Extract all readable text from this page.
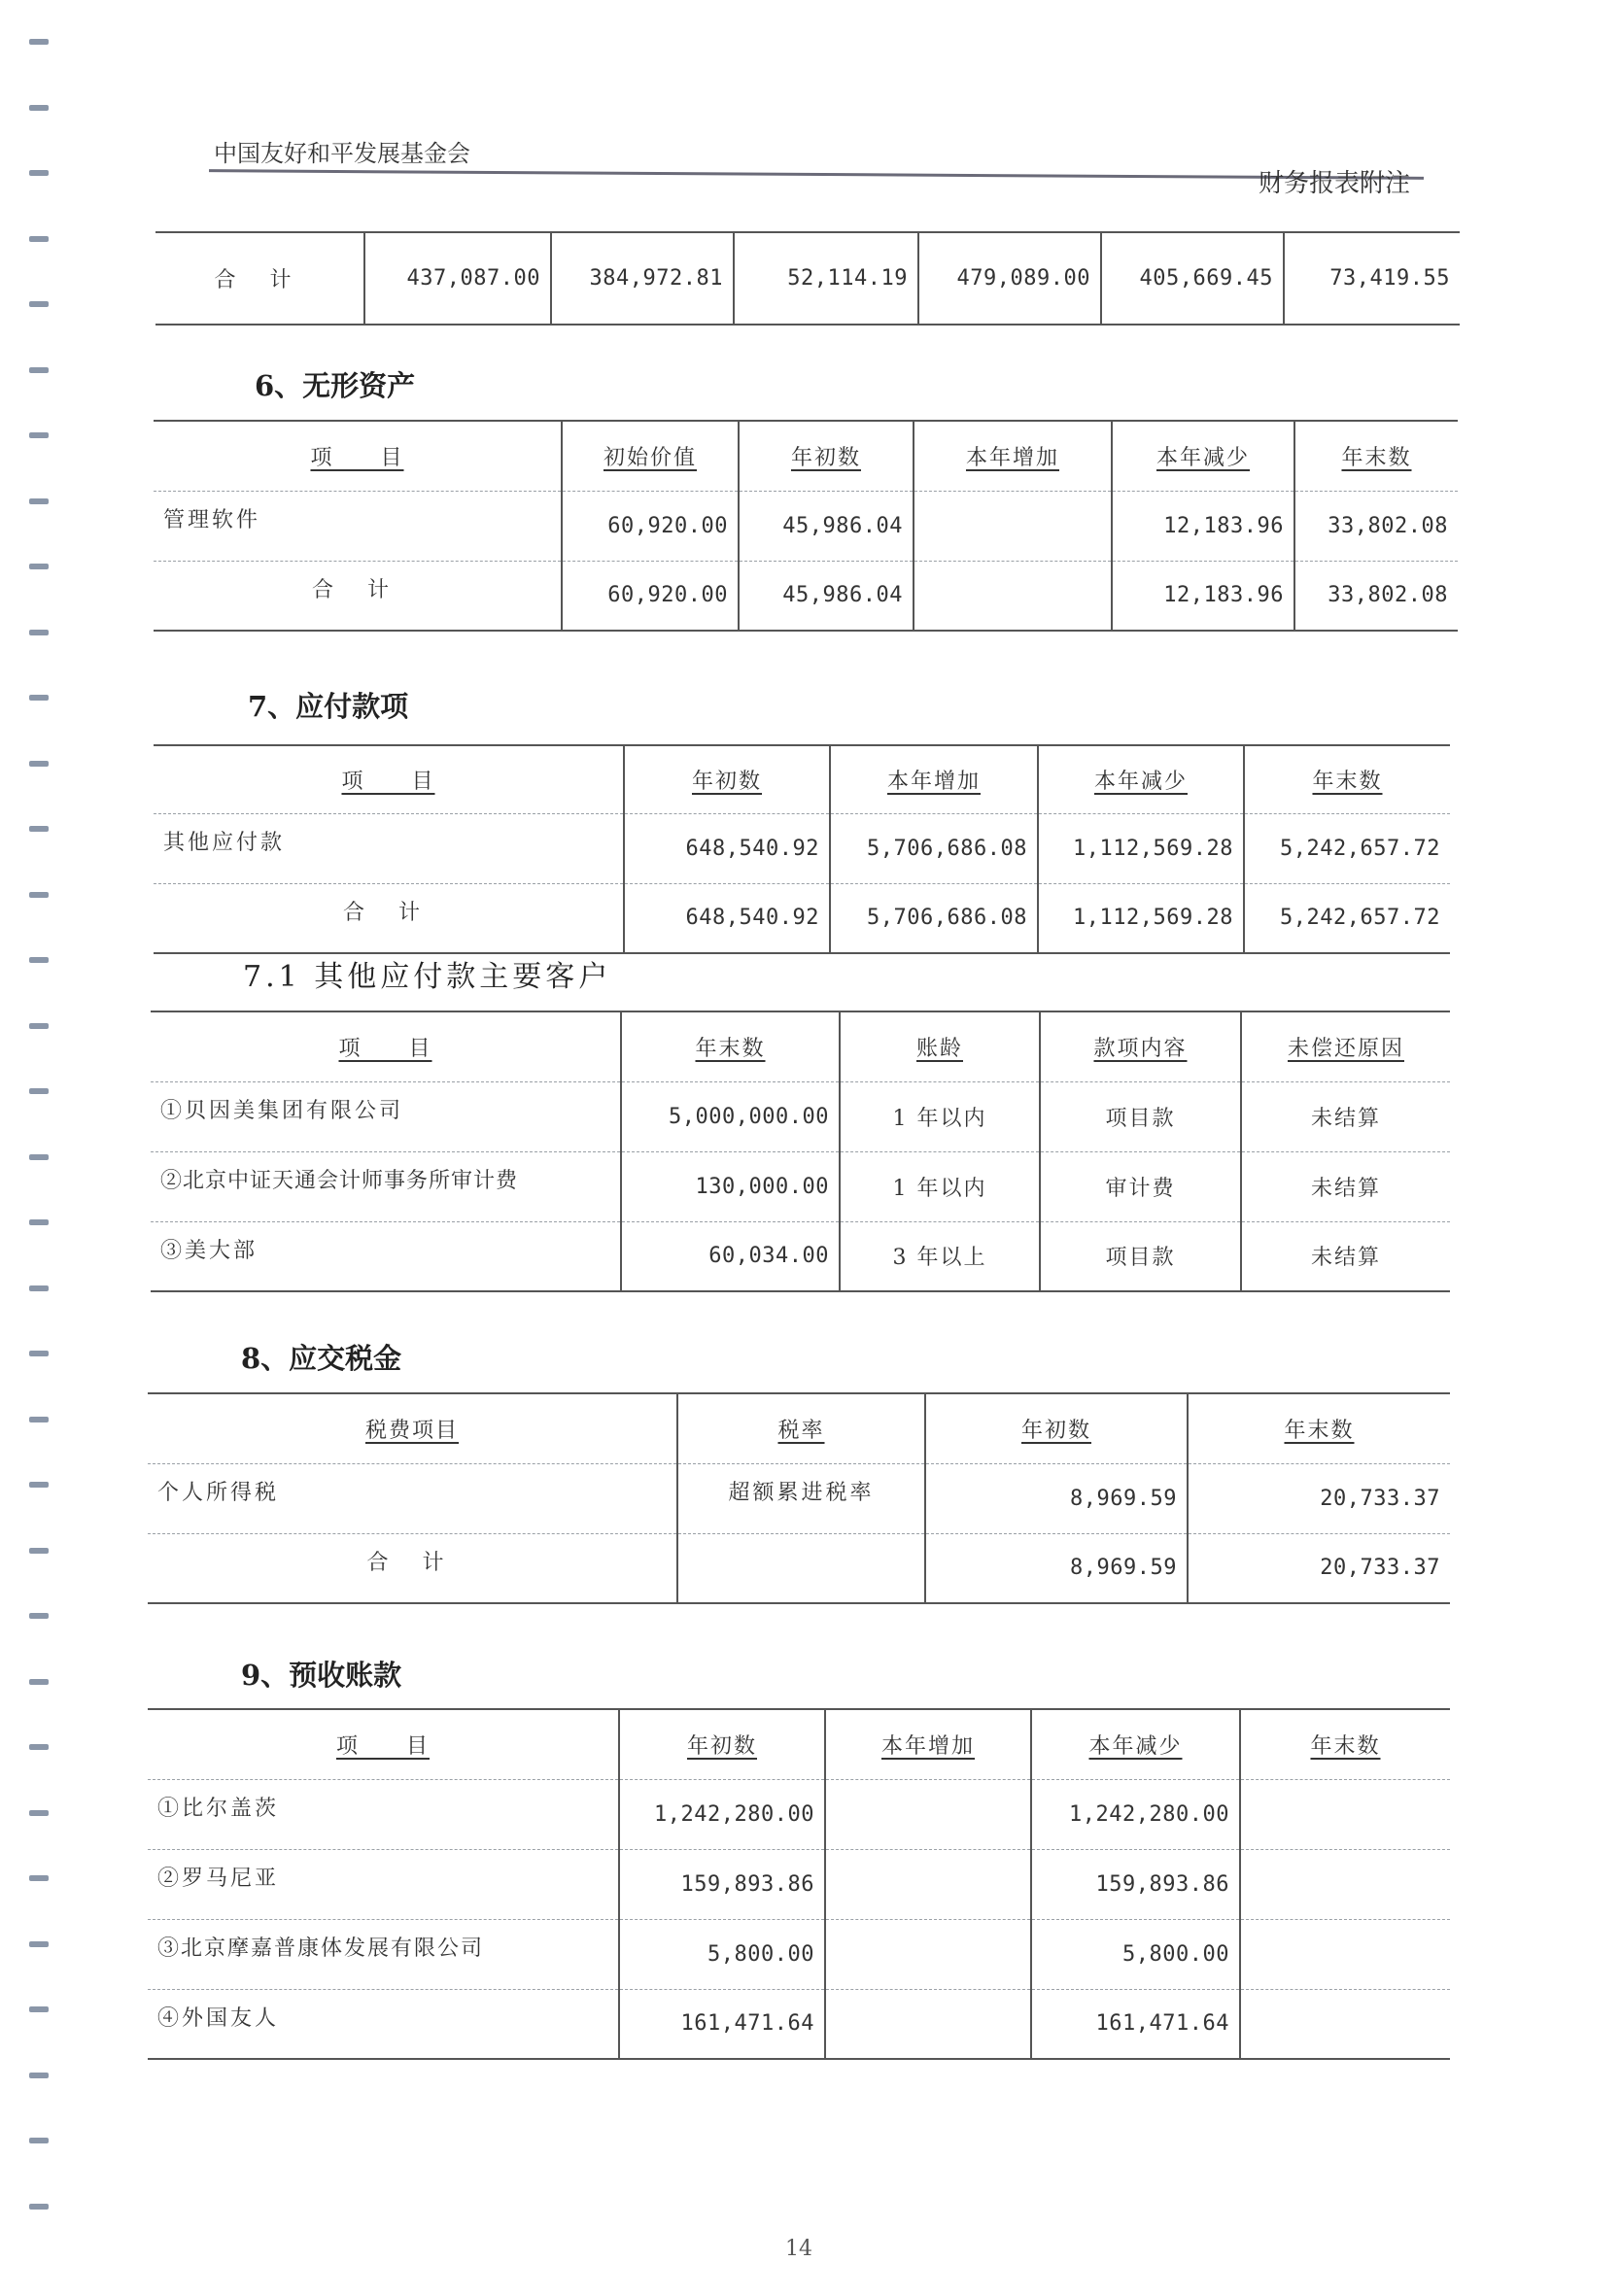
中国友好和平发展基金会
财务报表附注
合 计	437,087.00	384,972.81	52,114.19	479,089.00	405,669.45	73,419.55
6、无形资产
项　　目	初始价值	年初数	本年增加	本年减少	年末数
管理软件	60,920.00	45,986.04		12,183.96	33,802.08
合 计	60,920.00	45,986.04		12,183.96	33,802.08
7、应付款项
项　　目	年初数	本年增加	本年减少	年末数
其他应付款	648,540.92	5,706,686.08	1,112,569.28	5,242,657.72
合 计	648,540.92	5,706,686.08	1,112,569.28	5,242,657.72
7.1 其他应付款主要客户
项　　目	年末数	账龄	款项内容	未偿还原因
①贝因美集团有限公司	5,000,000.00	1 年以内	项目款	未结算
②北京中证天通会计师事务所审计费	130,000.00	1 年以内	审计费	未结算
③美大部	60,034.00	3 年以上	项目款	未结算
8、应交税金
税费项目	税率	年初数	年末数
个人所得税	超额累进税率	8,969.59	20,733.37
合 计		8,969.59	20,733.37
9、预收账款
项　　目	年初数	本年增加	本年减少	年末数
①比尔盖茨	1,242,280.00		1,242,280.00	
②罗马尼亚	159,893.86		159,893.86	
③北京摩嘉普康体发展有限公司	5,800.00		5,800.00	
④外国友人	161,471.64		161,471.64	
14
